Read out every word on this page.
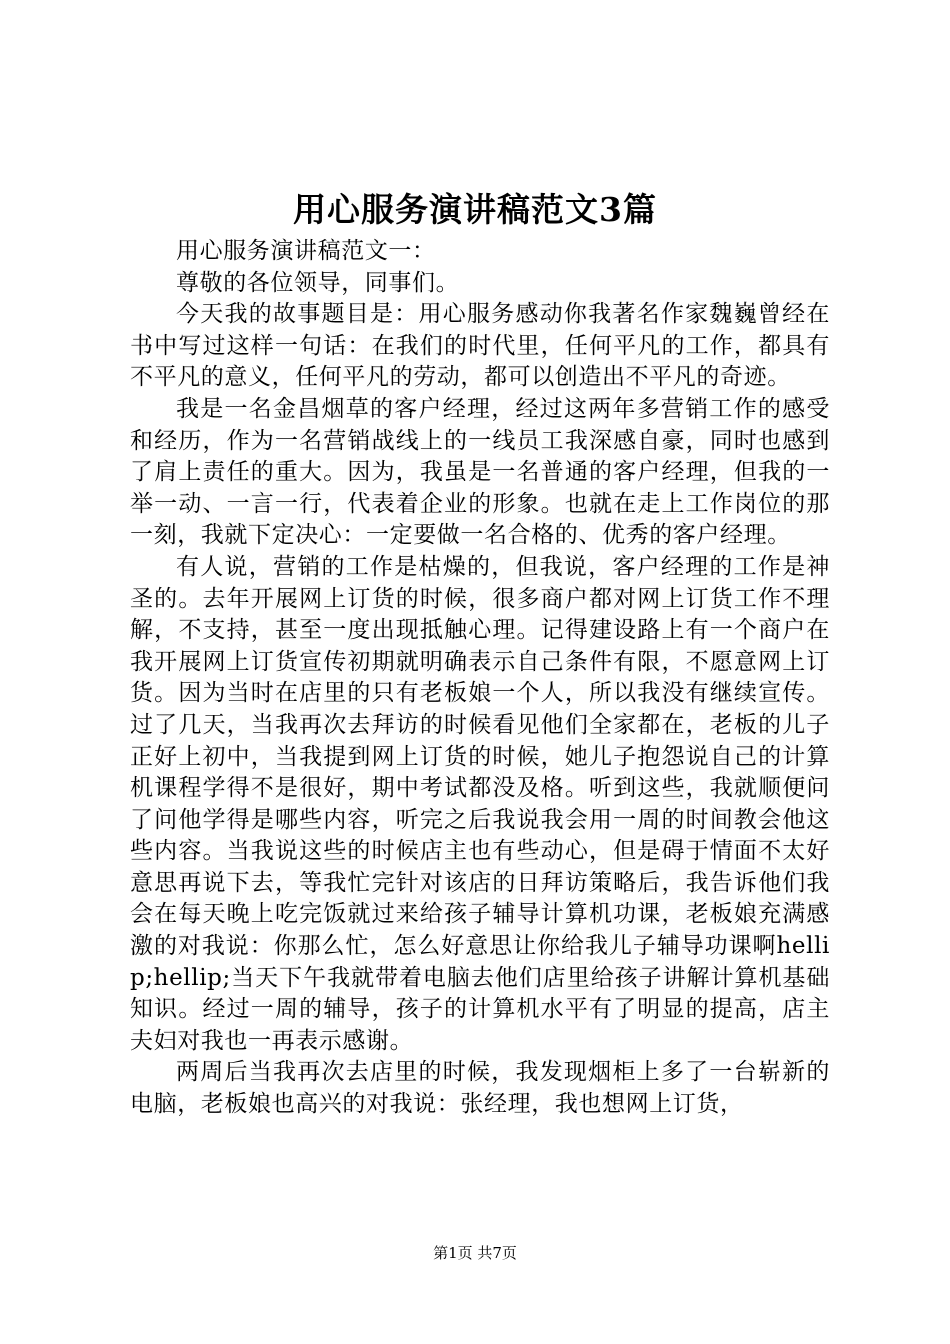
用心服务演讲稿范文3篇

用心服务演讲稿范文一：

尊敬的各位领导，同事们。

今天我的故事题目是：用心服务感动你我著名作家魏巍曾经在书中写过这样一句话：在我们的时代里，任何平凡的工作，都具有不平凡的意义，任何平凡的劳动，都可以创造出不平凡的奇迹。

我是一名金昌烟草的客户经理，经过这两年多营销工作的感受和经历，作为一名营销战线上的一线员工我深感自豪，同时也感到了肩上责任的重大。因为，我虽是一名普通的客户经理，但我的一举一动、一言一行，代表着企业的形象。也就在走上工作岗位的那一刻，我就下定决心：一定要做一名合格的、优秀的客户经理。

有人说，营销的工作是枯燥的，但我说，客户经理的工作是神圣的。去年开展网上订货的时候，很多商户都对网上订货工作不理解，不支持，甚至一度出现抵触心理。记得建设路上有一个商户在我开展网上订货宣传初期就明确表示自己条件有限，不愿意网上订货。因为当时在店里的只有老板娘一个人，所以我没有继续宣传。过了几天，当我再次去拜访的时候看见他们全家都在，老板的儿子正好上初中，当我提到网上订货的时候，她儿子抱怨说自己的计算机课程学得不是很好，期中考试都没及格。听到这些，我就顺便问了问他学得是哪些内容，听完之后我说我会用一周的时间教会他这些内容。当我说这些的时候店主也有些动心，但是碍于情面不太好意思再说下去，等我忙完针对该店的日拜访策略后，我告诉他们我会在每天晚上吃完饭就过来给孩子辅导计算机功课，老板娘充满感激的对我说：你那么忙，怎么好意思让你给我儿子辅导功课啊hellip;hellip;当天下午我就带着电脑去他们店里给孩子讲解计算机基础知识。经过一周的辅导，孩子的计算机水平有了明显的提高，店主夫妇对我也一再表示感谢。

两周后当我再次去店里的时候，我发现烟柜上多了一台崭新的电脑，老板娘也高兴的对我说：张经理，我也想网上订货，

第1页 共7页
